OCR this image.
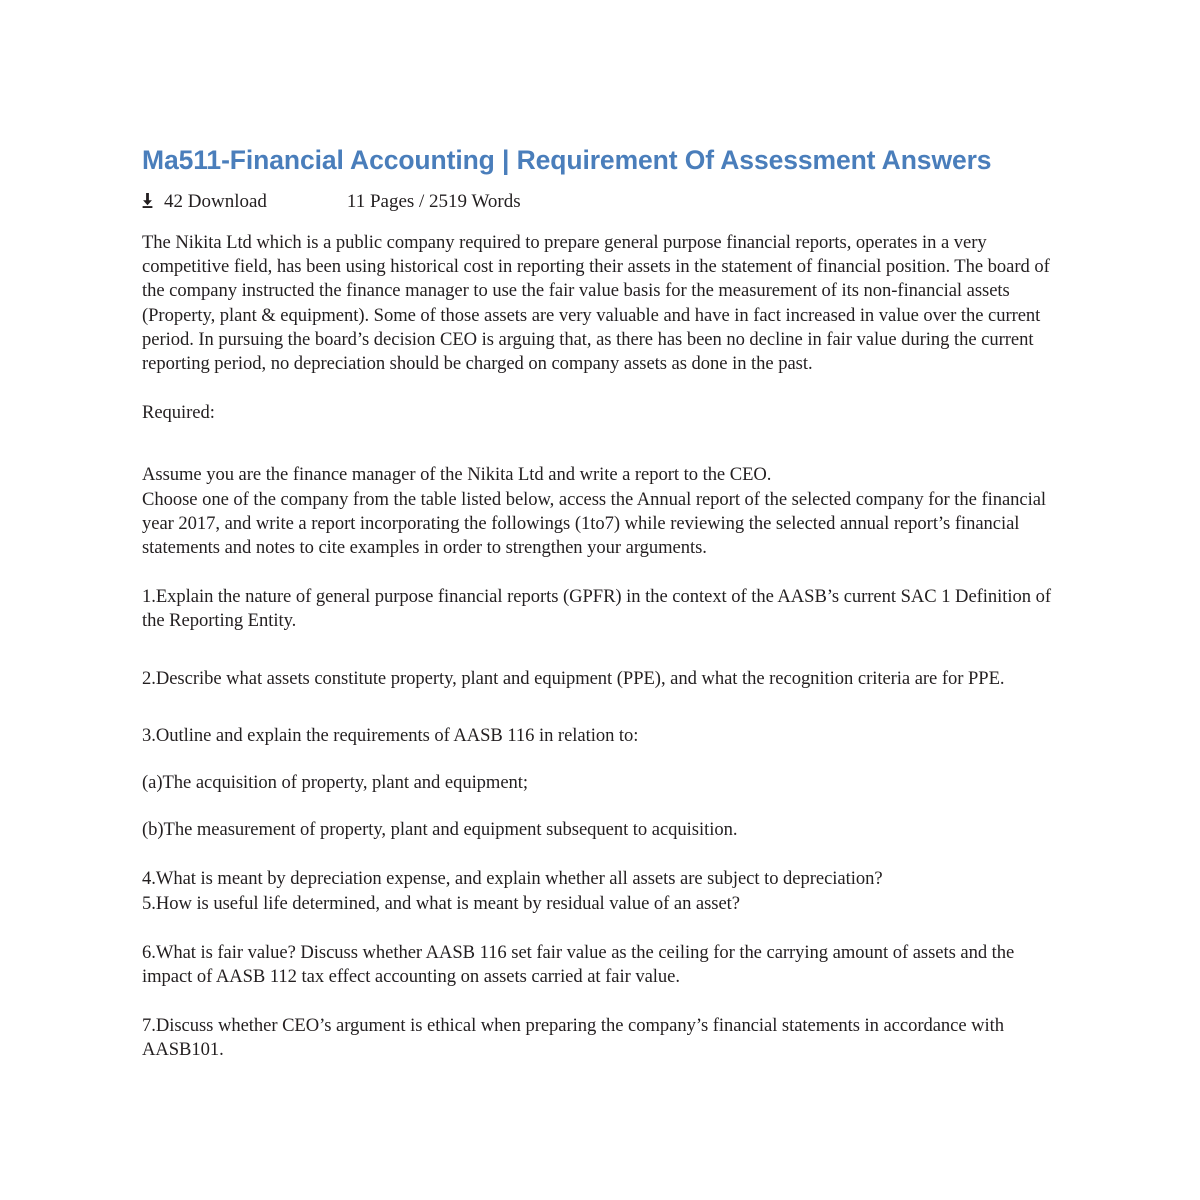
Ma511-Financial Accounting | Requirement Of Assessment Answers
42 Download	11 Pages / 2519 Words

The Nikita Ltd which is a public company required to prepare general purpose financial reports, operates in a very competitive field, has been using historical cost in reporting their assets in the statement of financial position. The board of the company instructed the finance manager to use the fair value basis for the measurement of its non-financial assets (Property, plant & equipment). Some of those assets are very valuable and have in fact increased in value over the current period. In pursuing the board’s decision CEO is arguing that, as there has been no decline in fair value during the current reporting period, no depreciation should be charged on company assets as done in the past.

Required:

Assume you are the finance manager of the Nikita Ltd and write a report to the CEO.

Choose one of the company from the table listed below, access the Annual report of the selected company for the financial year 2017, and write a report incorporating the followings (1to7) while reviewing the selected annual report’s financial statements and notes to cite examples in order to strengthen your arguments.

1.Explain the nature of general purpose financial reports (GPFR) in the context of the AASB’s current SAC 1 Definition of the Reporting Entity.

2.Describe what assets constitute property, plant and equipment (PPE), and what the recognition criteria are for PPE.

3.Outline and explain the requirements of AASB 116 in relation to:

(a)The acquisition of property, plant and equipment;

(b)The measurement of property, plant and equipment subsequent to acquisition.

4.What is meant by depreciation expense, and explain whether all assets are subject to depreciation?

5.How is useful life determined, and what is meant by residual value of an asset?

6.What is fair value? Discuss whether AASB 116 set fair value as the ceiling for the carrying amount of assets and the impact of AASB 112 tax effect accounting on assets carried at fair value.

7.Discuss whether CEO’s argument is ethical when preparing the company’s financial statements in accordance with AASB101.
